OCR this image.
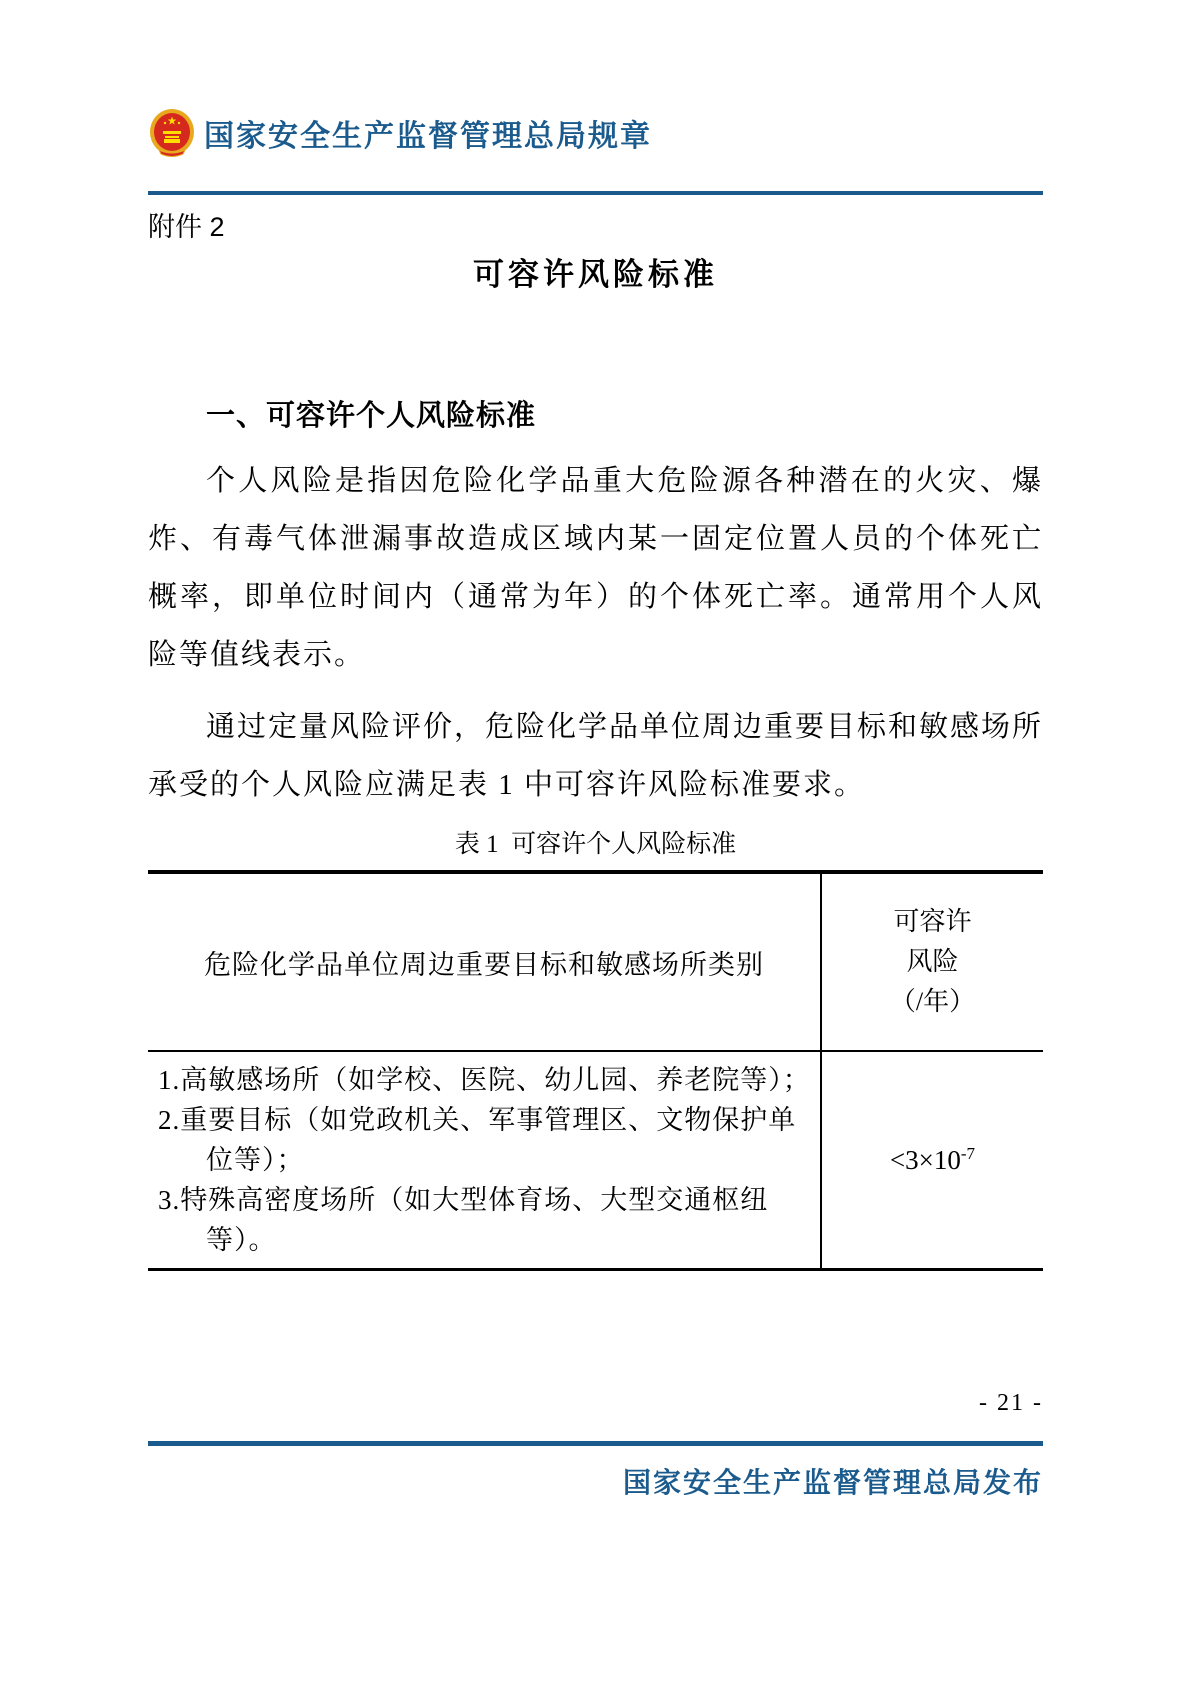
国家安全生产监督管理总局规章
附件 2
可容许风险标准
一、可容许个人风险标准

个人风险是指因危险化学品重大危险源各种潜在的火灾、爆炸、有毒气体泄漏事故造成区域内某一固定位置人员的个体死亡概率，即单位时间内（通常为年）的个体死亡率。通常用个人风险等值线表示。

通过定量风险评价，危险化学品单位周边重要目标和敏感场所承受的个人风险应满足表 1 中可容许风险标准要求。

表 1  可容许个人风险标准
危险化学品单位周边重要目标和敏感场所类别	可容许
风险
（/年）

1.高敏感场所（如学校、医院、幼儿园、养老院等）；
2.重要目标（如党政机关、军事管理区、文物保护单位等）；
3.特殊高密度场所（如大型体育场、大型交通枢纽等）。	$<3\times 10^{-7}$
- 21 -
国家安全生产监督管理总局发布
